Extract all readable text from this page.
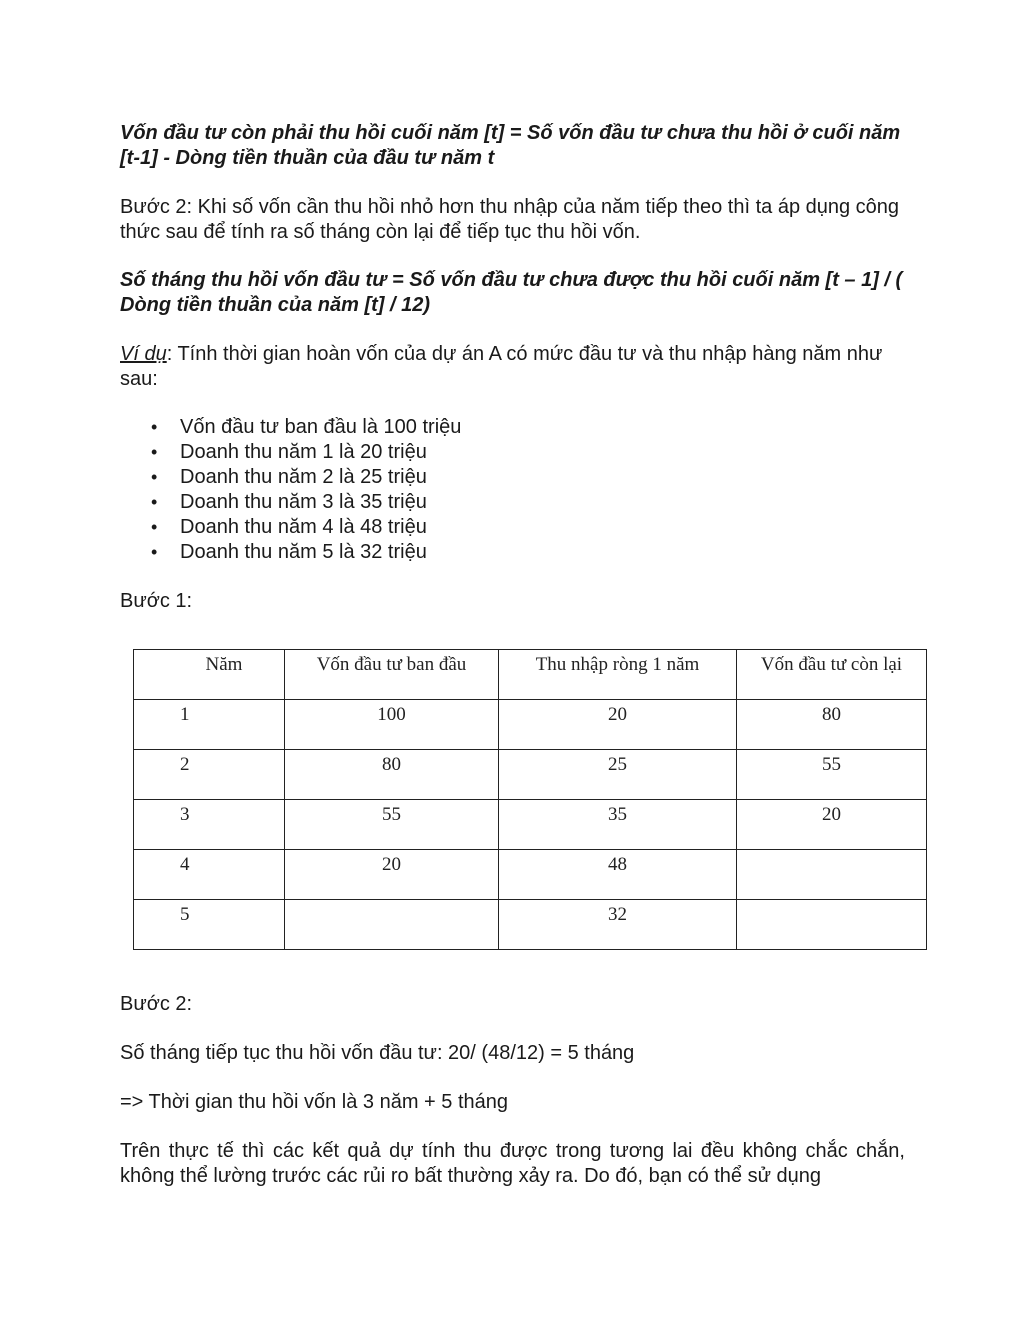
Vốn đầu tư còn phải thu hồi cuối năm [t] = Số vốn đầu tư chưa thu hồi ở cuối năm [t-1] - Dòng tiền thuần của đầu tư năm t

Bước 2: Khi số vốn cần thu hồi nhỏ hơn thu nhập của năm tiếp theo thì ta áp dụng công thức sau để tính ra số tháng còn lại để tiếp tục thu hồi vốn.

Số tháng thu hồi vốn đầu tư = Số vốn đầu tư chưa được thu hồi cuối năm [t – 1] / ( Dòng tiền thuần của năm [t] / 12)

Ví dụ: Tính thời gian hoàn vốn của dự án A có mức đầu tư và thu nhập hàng năm như sau:

• Vốn đầu tư ban đầu là 100 triệu
• Doanh thu năm 1 là 20 triệu
• Doanh thu năm 2 là 25 triệu
• Doanh thu năm 3 là 35 triệu
• Doanh thu năm 4 là 48 triệu
• Doanh thu năm 5 là 32 triệu

Bước 1:

Năm	Vốn đầu tư ban đầu	Thu nhập ròng 1 năm	Vốn đầu tư còn lại
1	100	20	80
2	80	25	55
3	55	35	20
4	20	48	
5		32	

Bước 2:

Số tháng tiếp tục thu hồi vốn đầu tư: 20/ (48/12) = 5 tháng

=> Thời gian thu hồi vốn là 3 năm + 5 tháng

Trên thực tế thì các kết quả dự tính thu được trong tương lai đều không chắc chắn, không thể lường trước các rủi ro bất thường xảy ra. Do đó, bạn có thể sử dụng
